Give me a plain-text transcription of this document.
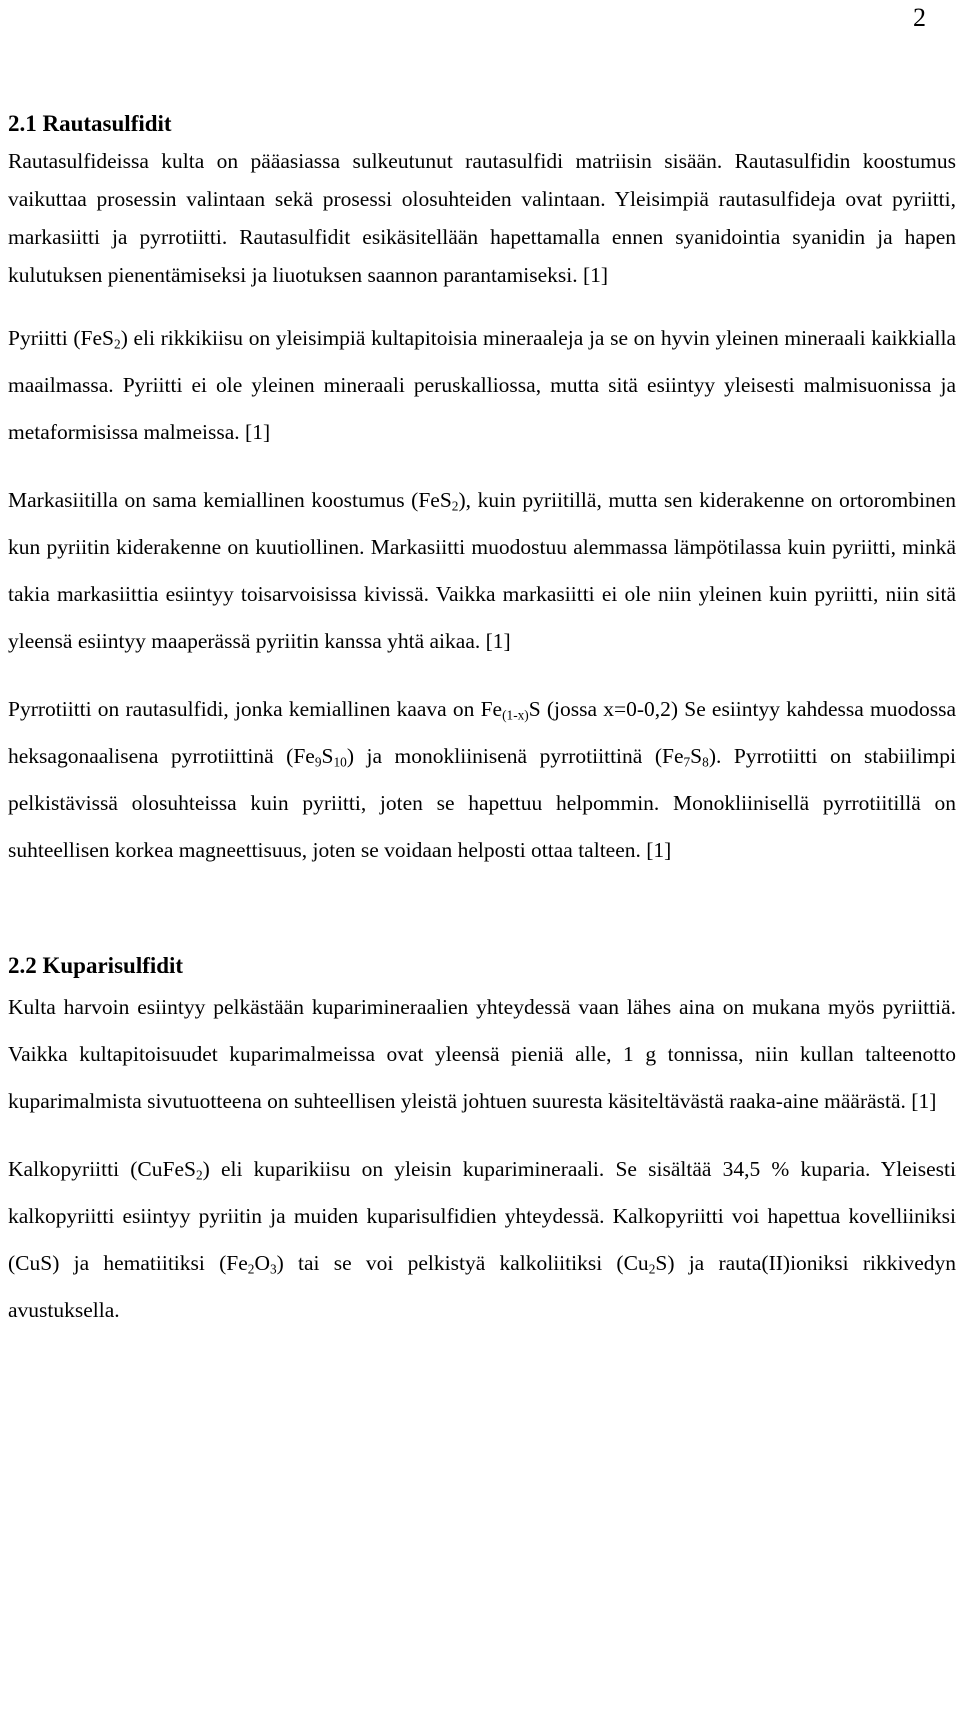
2
2.1 Rautasulfidit

Rautasulfideissa kulta on pääasiassa sulkeutunut rautasulfidi matriisin sisään. Rautasulfidin koostumus vaikuttaa prosessin valintaan sekä prosessi olosuhteiden valintaan. Yleisimpiä rautasulfideja ovat pyriitti, markasiitti ja pyrrotiitti. Rautasulfidit esikäsitellään hapettamalla ennen syanidointia syanidin ja hapen kulutuksen pienentämiseksi ja liuotuksen saannon parantamiseksi. [1]

Pyriitti (FeS$_2$) eli rikkikiisu on yleisimpiä kultapitoisia mineraaleja ja se on hyvin yleinen mineraali kaikkialla maailmassa. Pyriitti ei ole yleinen mineraali peruskalliossa, mutta sitä esiintyy yleisesti malmisuonissa ja metaformisissa malmeissa. [1]

Markasiitilla on sama kemiallinen koostumus (FeS$_2$), kuin pyriitillä, mutta sen kiderakenne on ortorombinen kun pyriitin kiderakenne on kuutiollinen. Markasiitti muodostuu alemmassa lämpötilassa kuin pyriitti, minkä takia markasiittia esiintyy toisarvoisissa kivissä. Vaikka markasiitti ei ole niin yleinen kuin pyriitti, niin sitä yleensä esiintyy maaperässä pyriitin kanssa yhtä aikaa. [1]

Pyrrotiitti on rautasulfidi, jonka kemiallinen kaava on $Fe_{(1-x)}S$ (jossa x=0-0,2) Se esiintyy kahdessa muodossa heksagonaalisena pyrrotiittinä $(Fe_9S_{10})$ ja monokliinisenä pyrrotiittinä $(Fe_7S_8)$. Pyrrotiitti on stabiilimpi pelkistävissä olosuhteissa kuin pyriitti, joten se hapettuu helpommin. Monokliinisellä pyrrotiitillä on suhteellisen korkea magneettisuus, joten se voidaan helposti ottaa talteen. [1]

2.2 Kuparisulfidit

Kulta harvoin esiintyy pelkästään kuparimineraalien yhteydessä vaan lähes aina on mukana myös pyriittiä. Vaikka kultapitoisuudet kuparimalmeissa ovat yleensä pieniä alle, 1 g tonnissa, niin kullan talteenotto kuparimalmista sivutuotteena on suhteellisen yleistä johtuen suuresta käsiteltävästä raaka-aine määrästä. [1]

Kalkopyriitti (CuFeS$_2$) eli kuparikiisu on yleisin kuparimineraali. Se sisältää 34,5 % kuparia. Yleisesti kalkopyriitti esiintyy pyriitin ja muiden kuparisulfidien yhteydessä. Kalkopyriitti voi hapettua kovelliiniksi (CuS) ja hematiitiksi $(Fe_2O_3)$ tai se voi pelkistyä kalkoliitiksi $(Cu_2S)$ ja rauta(II)ioniksi rikkivedyn avustuksella.
